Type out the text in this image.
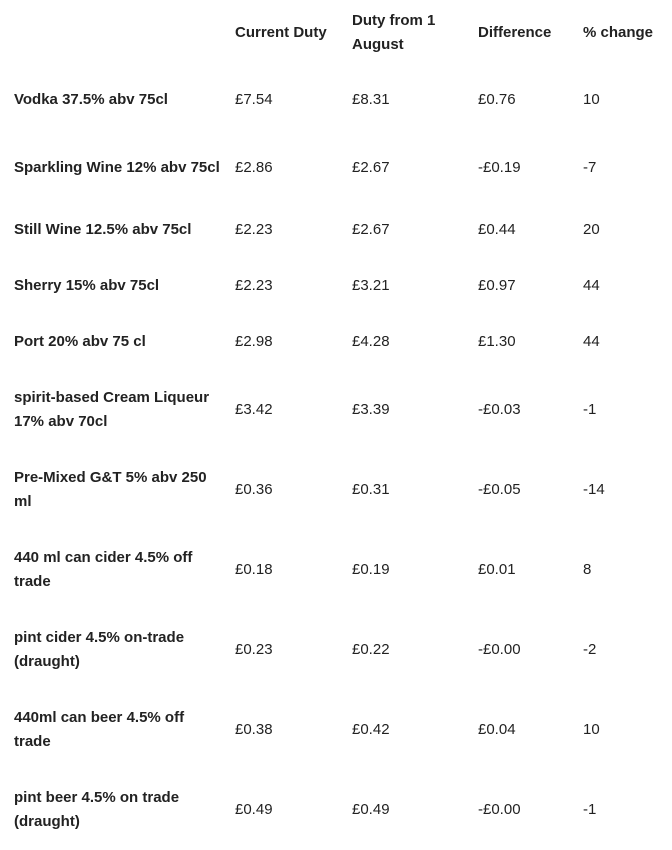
	Current Duty	Duty from 1 August	Difference	% change
Vodka 37.5% abv 75cl	£7.54	£8.31	£0.76	10
Sparkling Wine 12% abv 75cl	£2.86	£2.67	-£0.19	-7
Still Wine 12.5% abv 75cl	£2.23	£2.67	£0.44	20
Sherry 15% abv 75cl	£2.23	£3.21	£0.97	44
Port 20% abv 75 cl	£2.98	£4.28	£1.30	44
spirit-based Cream Liqueur 17% abv 70cl	£3.42	£3.39	-£0.03	-1
Pre-Mixed G&T 5% abv 250 ml	£0.36	£0.31	-£0.05	-14
440 ml can cider 4.5% off trade	£0.18	£0.19	£0.01	8
pint cider 4.5% on-trade (draught)	£0.23	£0.22	-£0.00	-2
440ml can beer 4.5% off trade	£0.38	£0.42	£0.04	10
pint beer 4.5% on trade (draught)	£0.49	£0.49	-£0.00	-1
